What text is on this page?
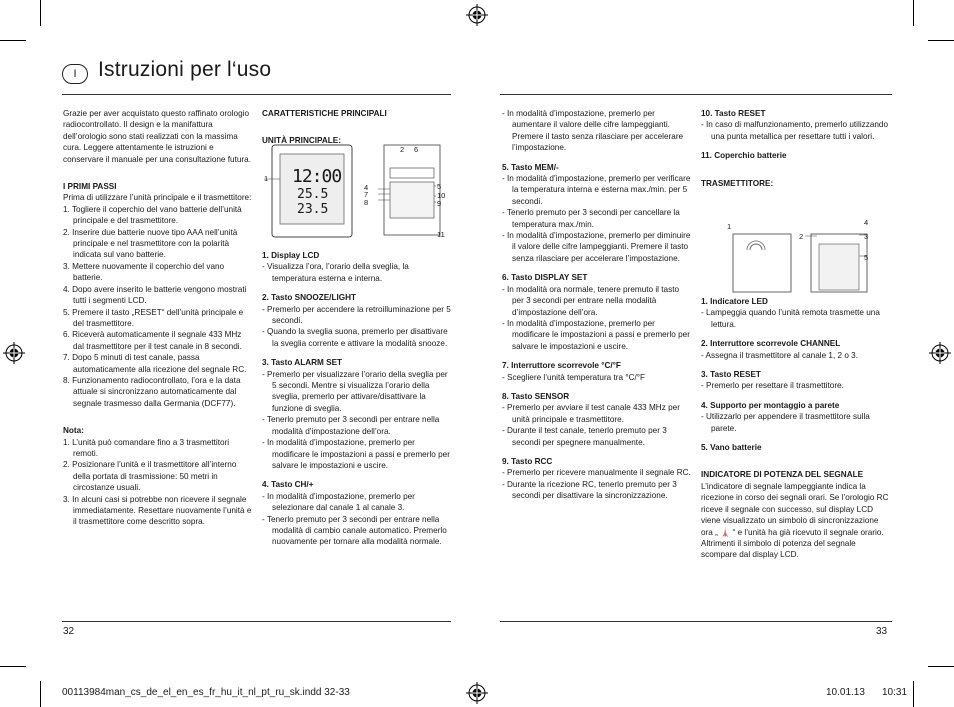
I	Istruzioni per l‘uso

Grazie per aver acquistato questo raffinato orologio radiocontrollato. Il design e la manifattura dell’orologio sono stati realizzati con la massima cura. Leggere attentamente le istruzioni e conservare il manuale per una consultazione futura.

I PRIMI PASSI

Prima di utilizzare l’unità principale e il trasmettitore:

1. Togliere il coperchio del vano batterie dell’unità principale e del trasmettitore.

2. Inserire due batterie nuove tipo AAA nell’unità principale e nel trasmettitore con la polarità indicata sul vano batterie.

3. Mettere nuovamente il coperchio del vano batterie.

4. Dopo avere inserito le batterie vengono mostrati tutti i segmenti LCD.

5. Premere il tasto „RESET“ dell’unità principale e del trasmettitore.

6. Riceverà automaticamente il segnale 433 MHz dal trasmettitore per il test canale in 8 secondi.

7. Dopo 5 minuti di test canale, passa automaticamente alla ricezione del segnale RC.

8. Funzionamento radiocontrollato, l’ora e la data attuale si sincronizzano automaticamente dal segnale trasmesso dalla Germania (DCF77).

Nota:

1. L’unità può comandare fino a 3 trasmettitori remoti.

2. Posizionare l’unità e il trasmettitore all’interno della portata di trasmissione: 50 metri in circostanze usuali.

3. In alcuni casi si potrebbe non ricevere il segnale immediatamente. Resettare nuovamente l’unità e il trasmettitore come descritto sopra.

CARATTERISTICHE PRINCIPALI

UNITÀ PRINCIPALE:

12:00
25.5
23.5
1
2 6
4
7
8
5
10
9
11

1. Display LCD

- Visualizza l’ora, l’orario della sveglia, la temperatura esterna e interna.

2. Tasto SNOOZE/LIGHT

- Premerlo per accendere la retroilluminazione per 5 secondi.

- Quando la sveglia suona, premerlo per disattivare la sveglia corrente e attivare la modalità snooze.

3. Tasto ALARM SET

- Premerlo per visualizzare l’orario della sveglia per 5 secondi. Mentre si visualizza l’orario della sveglia, premerlo per attivare/disattivare la funzione di sveglia.

- Tenerlo premuto per 3 secondi per entrare nella modalità d’impostazione dell’ora.

- In modalità d’impostazione, premerlo per modificare le impostazioni a passi e premerlo per salvare le impostazioni e uscire.

4. Tasto CH/+

- In modalità d’impostazione, premerlo per selezionare dal canale 1 al canale 3.

- Tenerlo premuto per 3 secondi per entrare nella modalità di cambio canale automatico. Premerlo nuovamente per tornare alla modalità normale.

- In modalità d’impostazione, premerlo per aumentare il valore delle cifre lampeggianti. Premere il tasto senza rilasciare per accelerare l’impostazione.

5. Tasto MEM/-

- In modalità d’impostazione, premerlo per verificare la temperatura interna e esterna max./min. per 5 secondi.

- Tenerlo premuto per 3 secondi per cancellare la temperatura max./min.

- In modalità d’impostazione, premerlo per diminuire il valore delle cifre lampeggianti. Premere il tasto senza rilasciare per accelerare l’impostazione.

6. Tasto DISPLAY SET

- In modalità ora normale, tenere premuto il tasto per 3 secondi per entrare nella modalità d’impostazione dell’ora.

- In modalità d’impostazione, premerlo per modificare le impostazioni a passi e premerlo per salvare le impostazioni e uscire.

7. Interruttore scorrevole °C/°F

- Scegliere l’unità temperatura tra °C/°F

8. Tasto SENSOR

- Premerlo per avviare il test canale 433 MHz per unità principale e trasmettitore.

- Durante il test canale, tenerlo premuto per 3 secondi per spegnere manualmente.

9. Tasto RCC

- Premerlo per ricevere manualmente il segnale RC.

- Durante la ricezione RC, tenerlo premuto per 3 secondi per disattivare la sincronizzazione.

10. Tasto RESET

- In caso di malfunzionamento, premerlo utilizzando una punta metallica per resettare tutti i valori.

11. Coperchio batterie

TRASMETTITORE:

1
2
4
3
5

1. Indicatore LED

- Lampeggia quando l’unità remota trasmette una lettura.

2. Interruttore scorrevole CHANNEL

- Assegna il trasmettitore al canale 1, 2 o 3.

3. Tasto RESET

- Premerlo per resettare il trasmettitore.

4. Supporto per montaggio a parete

- Utilizzarlo per appendere il trasmettitore sulla parete.

5. Vano batterie

INDICATORE DI POTENZA DEL SEGNALE

L’indicatore di segnale lampeggiante indica la ricezione in corso dei segnali orari. Se l’orologio RC riceve il segnale con successo, sul display LCD viene visualizzato un simbolo di sincronizzazione ora „ 🗼 “ e l’unità ha già ricevuto il segnale orario. Altrimenti il simbolo di potenza del segnale scompare dal display LCD.

32	33
00113984man_cs_de_el_en_es_fr_hu_it_nl_pt_ru_sk.indd 32-33	10.01.13 10:31
